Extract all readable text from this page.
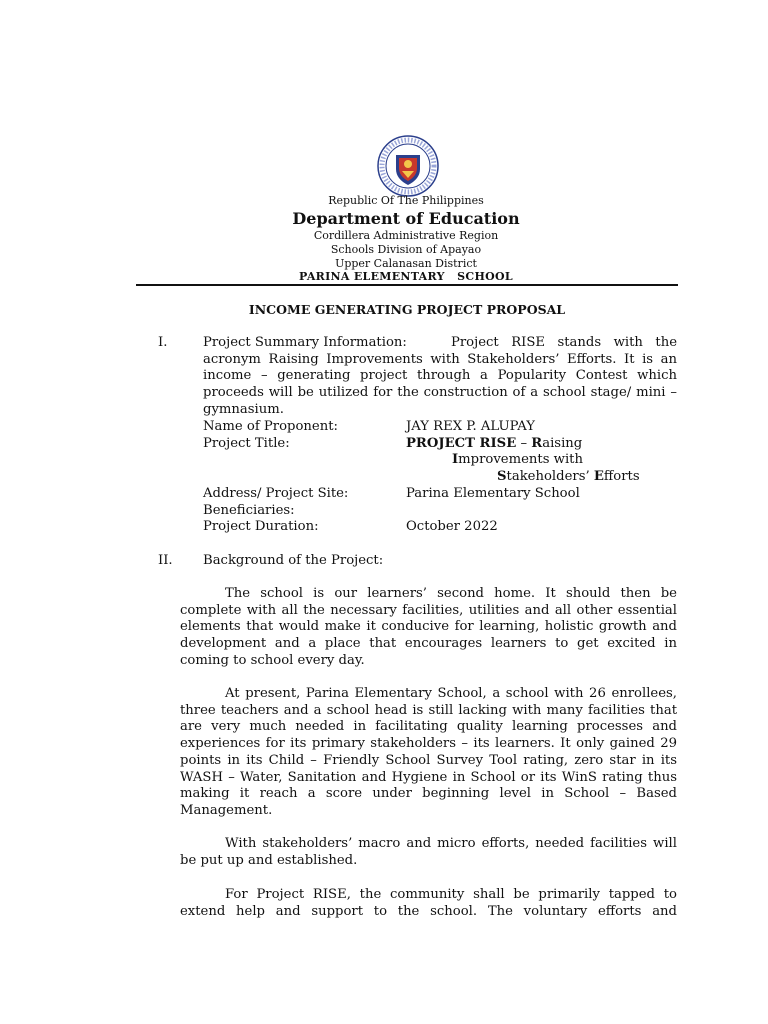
Republic Of The Philippines
Department of Education
Cordillera Administrative Region
Schools Division of Apayao
Upper Calanasan District
PARINA ELEMENTARY   SCHOOL
INCOME GENERATING PROJECT PROPOSAL
I.	Project Summary Information:	Project RISE stands with the acronym Raising Improvements with Stakeholders’ Efforts. It is an income – generating project through a Popularity Contest which proceeds will be utilized for the construction of a school stage/ mini – gymnasium.
Name of Proponent:	JAY REX P. ALUPAY
Project Title:	PROJECT RISE – Raising
Improvements with
Stakeholders’ Efforts
Address/ Project Site:	Parina Elementary School
Beneficiaries:
Project Duration:	October 2022
II. Background of the Project:
The school is our learners’ second home. It should then be complete with all the necessary facilities, utilities and all other essential elements that would make it conducive for learning, holistic growth and development and a place that encourages learners to get excited in coming to school every day.
At present, Parina Elementary School, a school with 26 enrollees, three teachers and a school head is still lacking with many facilities that are very much needed in facilitating quality learning processes and experiences for its primary stakeholders – its learners. It only gained 29 points in its Child – Friendly School Survey Tool rating, zero star in its WASH – Water, Sanitation and Hygiene in School or its WinS rating thus making it reach a score under beginning level in School – Based Management.
With stakeholders’ macro and micro efforts, needed facilities will be put up and established.
For Project RISE, the community shall be primarily tapped to extend help and support to the school. The voluntary efforts and
